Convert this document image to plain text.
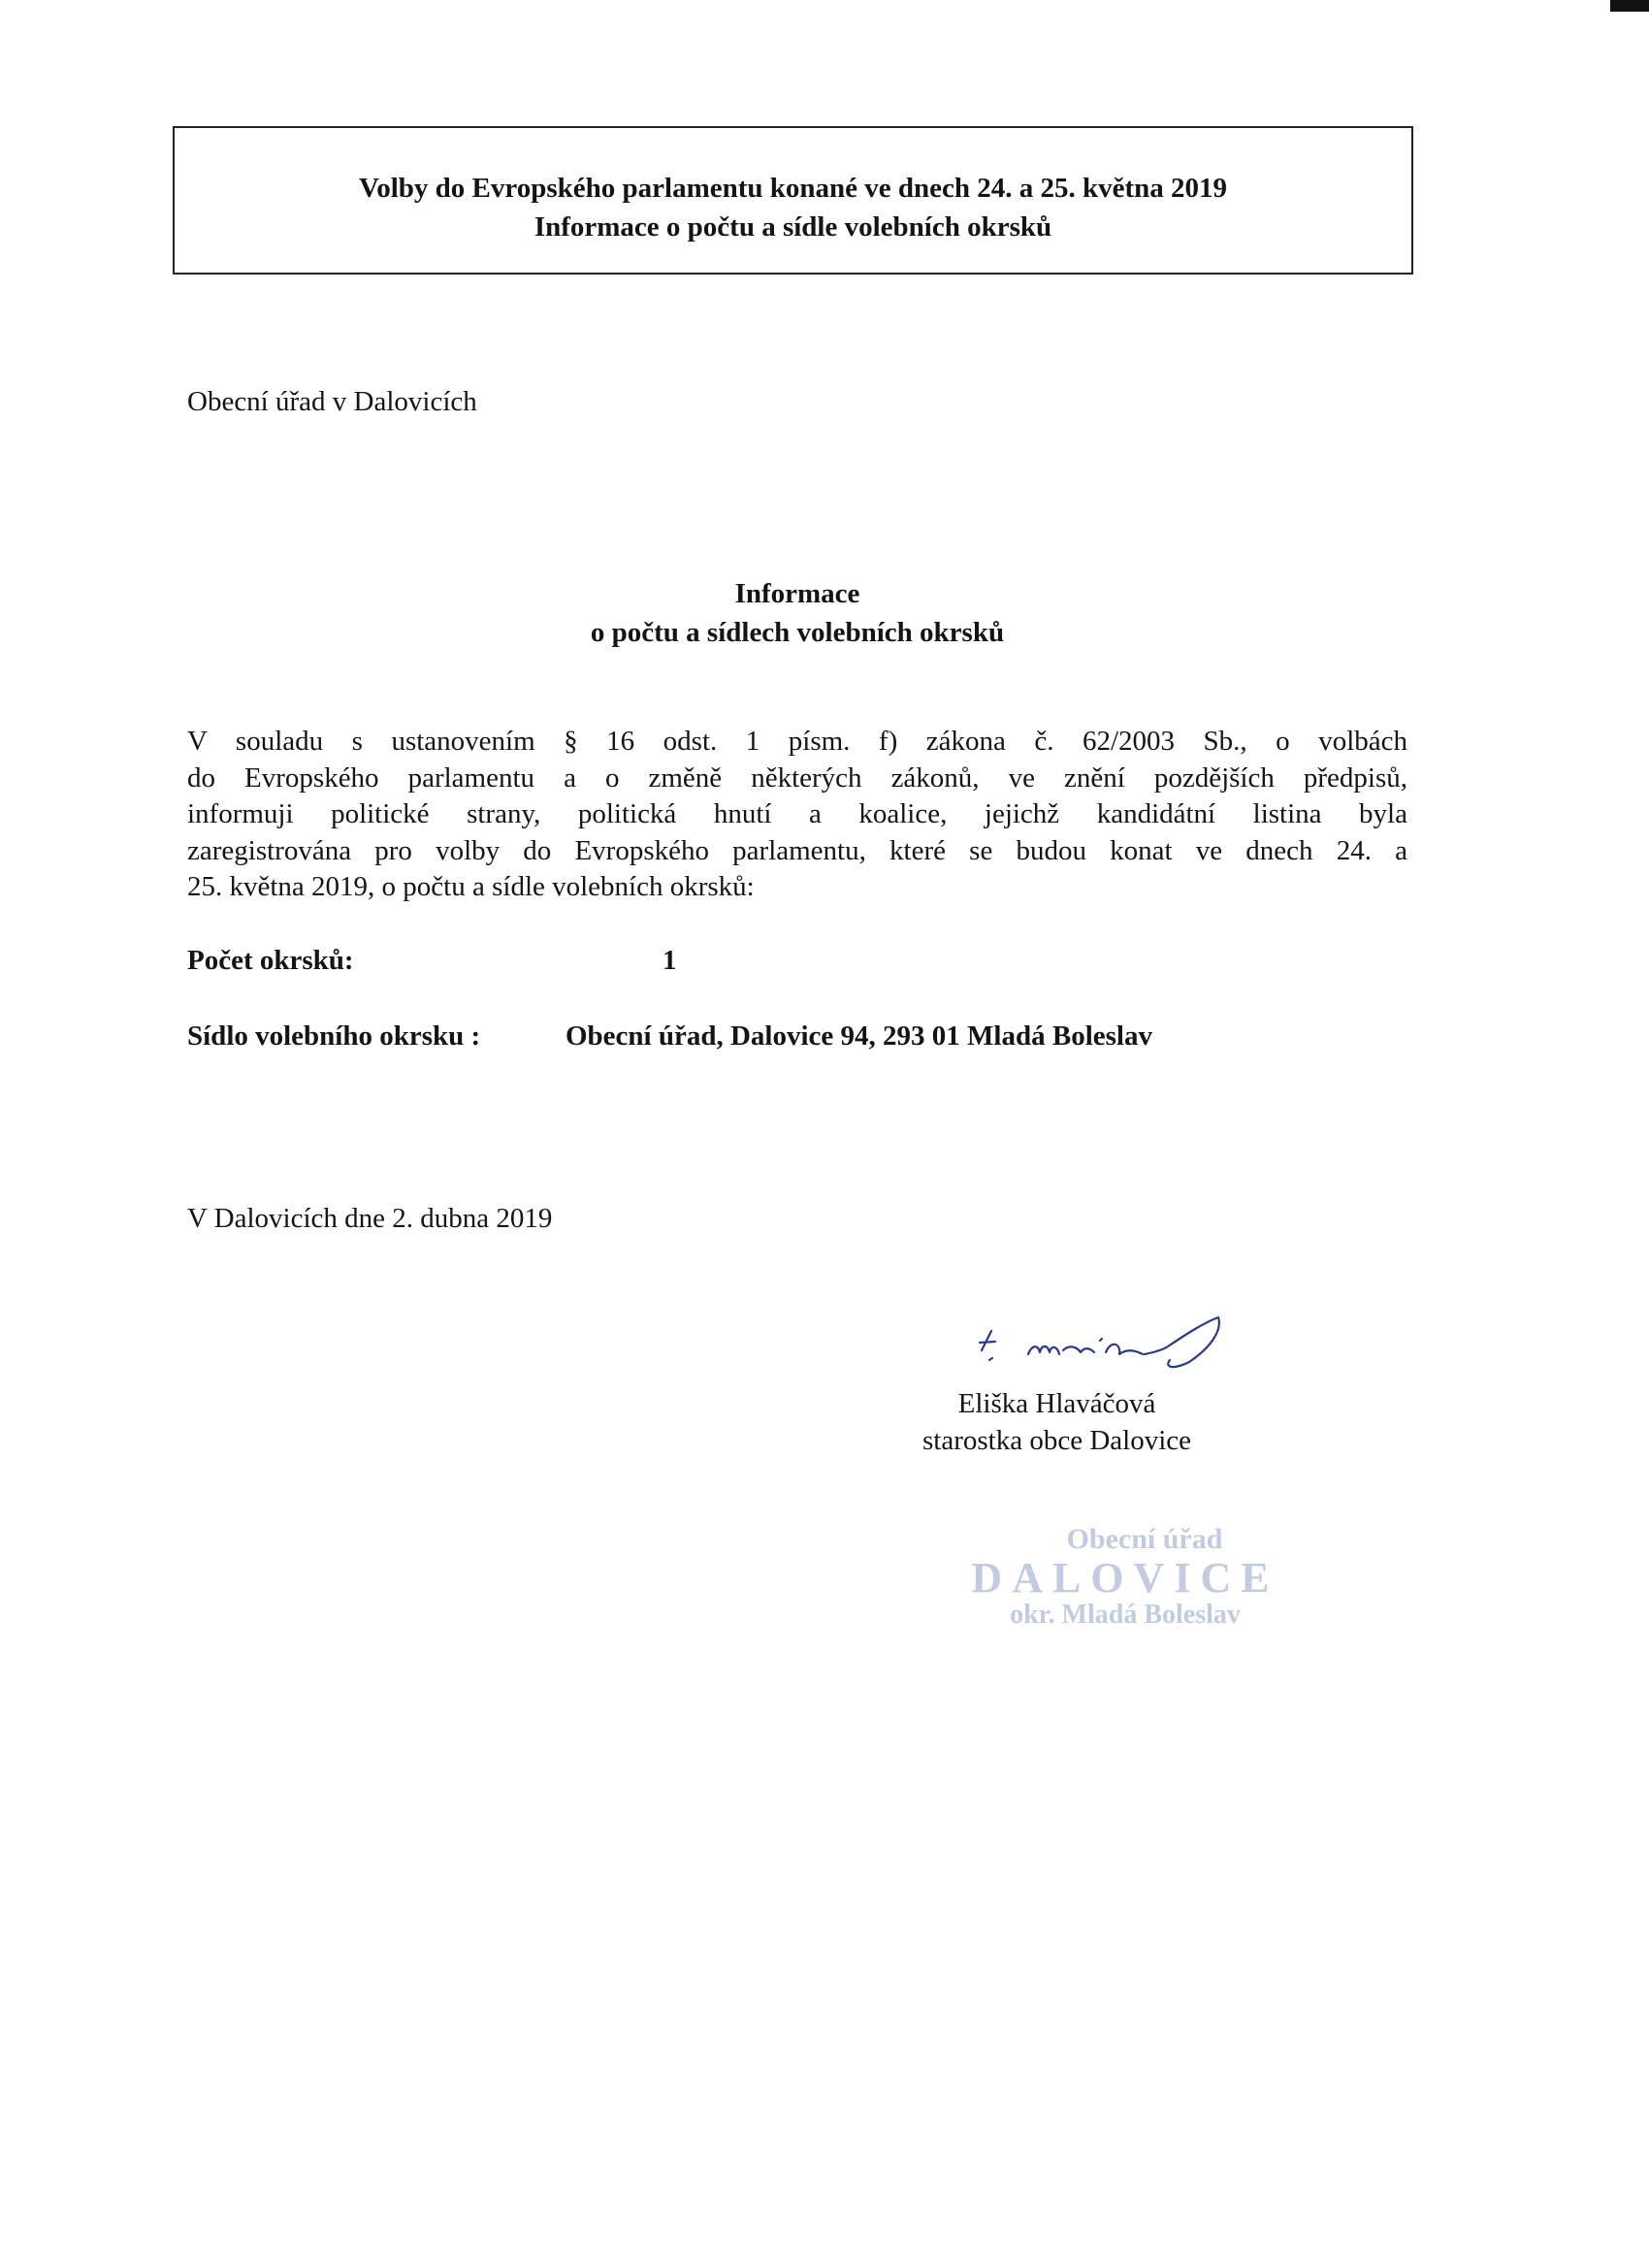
Volby do Evropského parlamentu konané ve dnech 24. a 25. května 2019
Informace o počtu a sídle volebních okrsků
Obecní úřad v Dalovicích
Informace
o počtu a sídlech volebních okrsků
V souladu s ustanovením § 16 odst. 1 písm. f) zákona č. 62/2003 Sb., o volbách
do Evropského parlamentu a o změně některých zákonů, ve znění pozdějších předpisů,
informuji politické strany, politická hnutí a koalice, jejichž kandidátní listina byla
zaregistrována pro volby do Evropského parlamentu, které se budou konat ve dnech 24. a
25. května 2019, o počtu a sídle volebních okrsků:
Počet okrsků:	1
Sídlo volebního okrsku :	Obecní úřad, Dalovice 94, 293 01 Mladá Boleslav
V Dalovicích dne 2. dubna 2019
Eliška Hlaváčová
starostka obce Dalovice
Obecní úřad
DALOVICE
okr. Mladá Boleslav
